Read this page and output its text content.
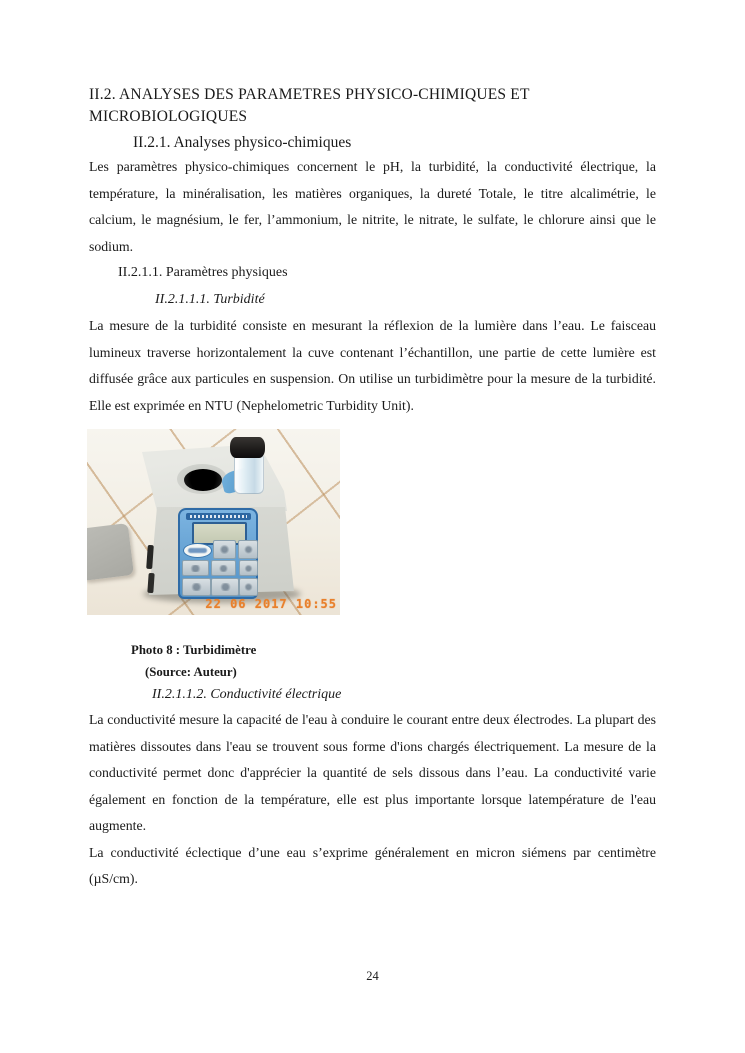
II.2. ANALYSES DES PARAMETRES PHYSICO-CHIMIQUES ET MICROBIOLOGIQUES
II.2.1. Analyses physico-chimiques

Les paramètres physico-chimiques concernent le pH, la turbidité, la conductivité électrique, la température, la minéralisation, les matières organiques, la dureté Totale, le titre alcalimétrie, le calcium, le magnésium, le fer, l’ammonium, le nitrite, le nitrate, le sulfate, le chlorure ainsi que le sodium.

II.2.1.1. Paramètres physiques
II.2.1.1.1. Turbidité

La mesure de la turbidité consiste en mesurant la réflexion de la lumière dans l’eau. Le faisceau lumineux traverse horizontalement la cuve contenant l’échantillon, une partie de cette lumière est diffusée grâce aux particules en suspension. On utilise un turbidimètre pour la mesure de la turbidité. Elle est exprimée en NTU (Nephelometric Turbidity Unit).

22 06 2017 10:55

Photo 8 : Turbidimètre

(Source: Auteur)

II.2.1.1.2. Conductivité électrique

La conductivité mesure la capacité de l'eau à conduire le courant entre deux électrodes. La plupart des matières dissoutes dans l'eau se trouvent sous forme d'ions chargés électriquement. La mesure de la conductivité permet donc d'apprécier la quantité de sels dissous dans l’eau. La conductivité varie également en fonction de la température, elle est plus importante lorsque latempérature de l'eau augmente.

La conductivité éclectique d’une eau s’exprime généralement en micron siémens par centimètre (µS/cm).

24
